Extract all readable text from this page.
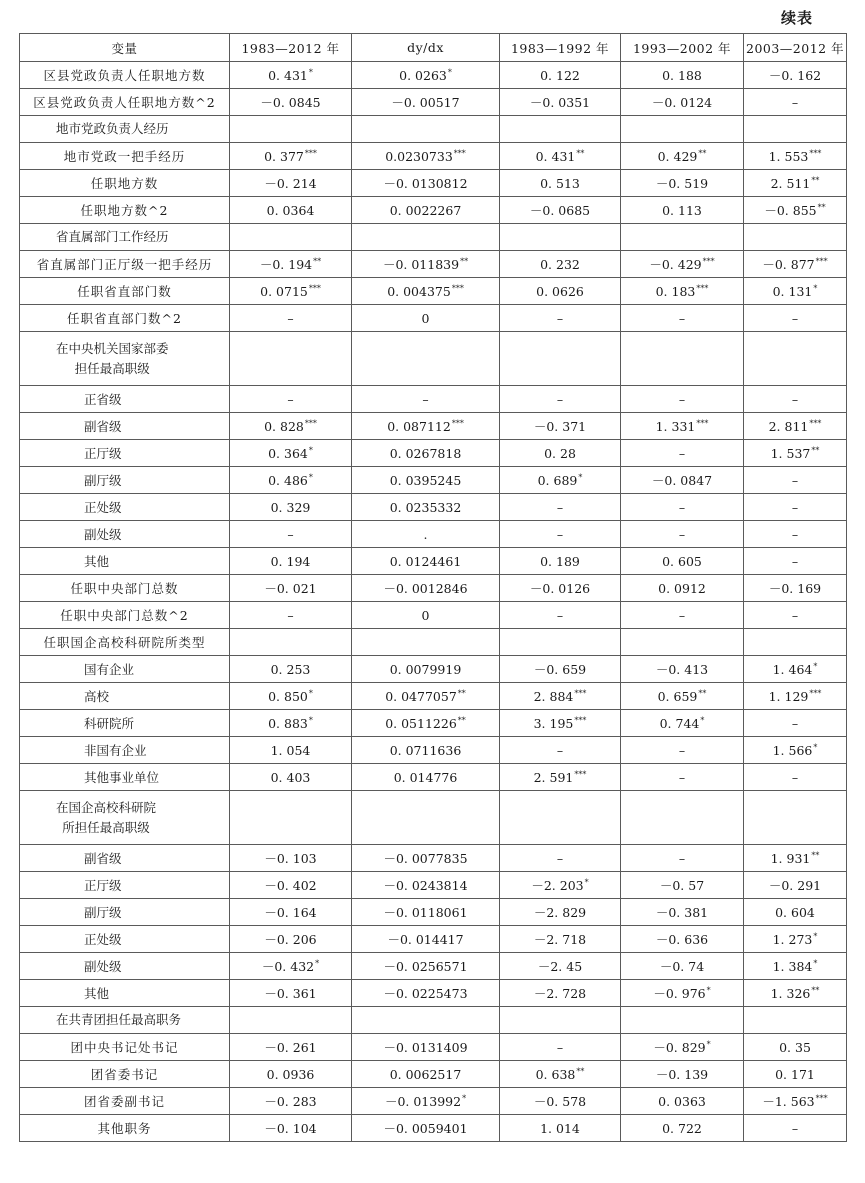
续表
变量	1983—2012 年	dy/dx	1983—1992 年	1993—2002 年	2003—2012 年
区县党政负责人任职地方数	0. 431*	0. 0263*	0. 122	0. 188	－0. 162
区县党政负责人任职地方数^2	－0. 0845	－0. 00517	－0. 0351	－0. 0124	–
地市党政负责人经历					
地市党政一把手经历	0. 377***	0.0230733***	0. 431**	0. 429**	1. 553***
任职地方数	－0. 214	－0. 0130812	0. 513	－0. 519	2. 511**
任职地方数^2	0. 0364	0. 0022267	－0. 0685	0. 113	－0. 855**
省直属部门工作经历					
省直属部门正厅级一把手经历	－0. 194**	－0. 011839**	0. 232	－0. 429***	－0. 877***
任职省直部门数	0. 0715***	0. 004375***	0. 0626	0. 183***	0. 131*
任职省直部门数^2	–	0	–	–	–
在中央机关国家部委
担任最高职级					
正省级	–	–	–	–	–
副省级	0. 828***	0. 087112***	－0. 371	1. 331***	2. 811***
正厅级	0. 364*	0. 0267818	0. 28	–	1. 537**
副厅级	0. 486*	0. 0395245	0. 689*	－0. 0847	–
正处级	0. 329	0. 0235332	–	–	–
副处级	–	.	–	–	–
其他	0. 194	0. 0124461	0. 189	0. 605	–
任职中央部门总数	－0. 021	－0. 0012846	－0. 0126	0. 0912	－0. 169
任职中央部门总数^2	–	0	–	–	–
任职国企高校科研院所类型					
国有企业	0. 253	0. 0079919	－0. 659	－0. 413	1. 464*
高校	0. 850*	0. 0477057**	2. 884***	0. 659**	1. 129***
科研院所	0. 883*	0. 0511226**	3. 195***	0. 744*	–
非国有企业	1. 054	0. 0711636	–	–	1. 566*
其他事业单位	0. 403	0. 014776	2. 591***	–	–
在国企高校科研院
所担任最高职级					
副省级	－0. 103	－0. 0077835	–	–	1. 931**
正厅级	－0. 402	－0. 0243814	－2. 203*	－0. 57	－0. 291
副厅级	－0. 164	－0. 0118061	－2. 829	－0. 381	0. 604
正处级	－0. 206	－0. 014417	－2. 718	－0. 636	1. 273*
副处级	－0. 432*	－0. 0256571	－2. 45	－0. 74	1. 384*
其他	－0. 361	－0. 0225473	－2. 728	－0. 976*	1. 326**
在共青团担任最高职务					
团中央书记处书记	－0. 261	－0. 0131409	–	－0. 829*	0. 35
团省委书记	0. 0936	0. 0062517	0. 638**	－0. 139	0. 171
团省委副书记	－0. 283	－0. 013992*	－0. 578	0. 0363	－1. 563***
其他职务	－0. 104	－0. 0059401	1. 014	0. 722	–
